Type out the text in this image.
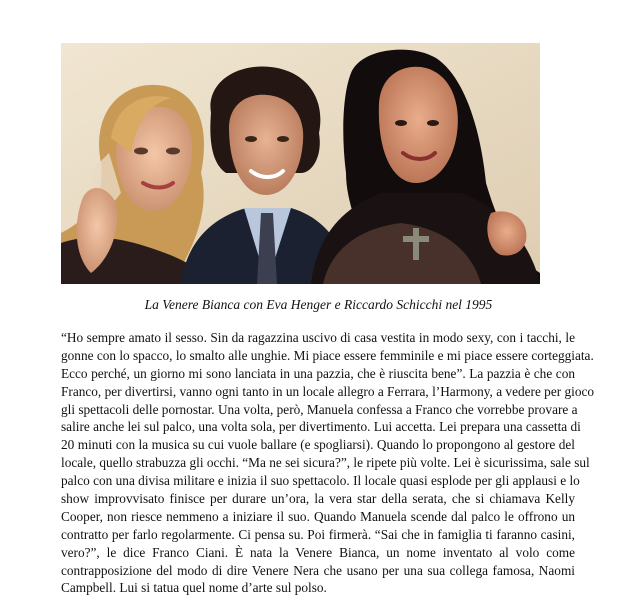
La Venere Bianca con Eva Henger e Riccardo Schicchi nel 1995
“Ho sempre amato il sesso. Sin da ragazzina uscivo di casa vestita in modo sexy, con i tacchi, le
gonne con lo spacco, lo smalto alle unghie. Mi piace essere femminile e mi piace essere corteggiata.
Ecco perché, un giorno mi sono lanciata in una pazzia, che è riuscita bene”. La pazzia è che con
Franco, per divertirsi, vanno ogni tanto in un locale allegro a Ferrara, l’Harmony, a vedere per gioco
gli spettacoli delle pornostar. Una volta, però, Manuela confessa a Franco che vorrebbe provare a
salire anche lei sul palco, una volta sola, per divertimento. Lui accetta. Lei prepara una cassetta di
20 minuti con la musica su cui vuole ballare (e spogliarsi). Quando lo propongono al gestore del
locale, quello strabuzza gli occhi. “Ma ne sei sicura?”, le ripete più volte. Lei è sicurissima, sale sul
palco con una divisa militare e inizia il suo spettacolo. Il locale quasi esplode per gli applausi e lo
show improvvisato finisce per durare un’ora, la vera star della serata, che si chiamava Kelly
Cooper, non riesce nemmeno a iniziare il suo. Quando Manuela scende dal palco le offrono un
contratto per farlo regolarmente. Ci pensa su. Poi firmerà. “Sai che in famiglia ti faranno casini,
vero?”, le dice Franco Ciani. È nata la Venere Bianca, un nome inventato al volo come
contrapposizione del modo di dire Venere Nera che usano per una sua collega famosa, Naomi
Campbell. Lui si tatua quel nome d’arte sul polso.
